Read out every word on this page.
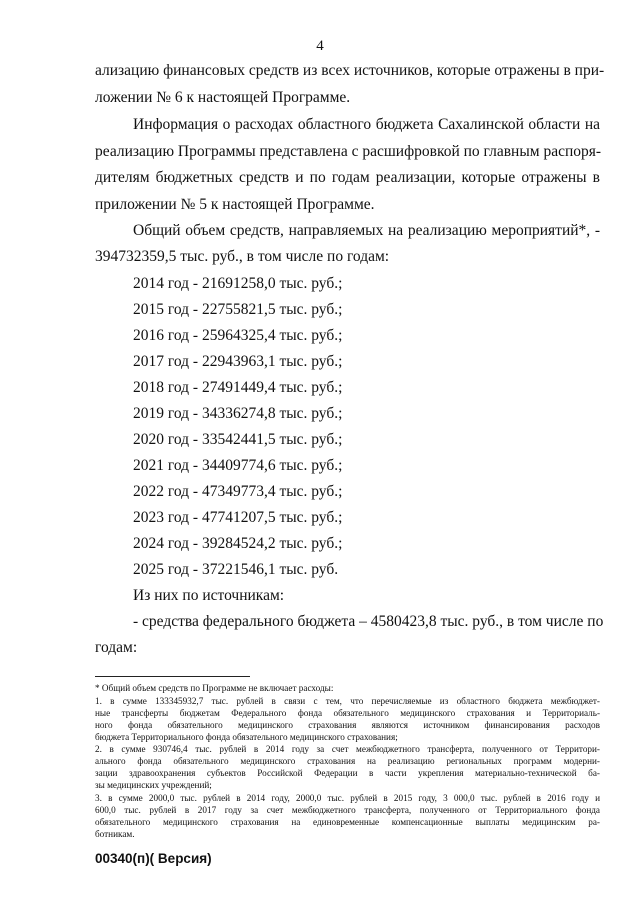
4
ализацию финансовых средств из всех источников, которые отражены в при-
ложении № 6 к настоящей Программе.
Информация о расходах областного бюджета Сахалинской области на
реализацию Программы представлена с расшифровкой по главным распоря-
дителям бюджетных средств и по годам реализации, которые отражены в
приложении № 5 к настоящей Программе.
Общий объем средств, направляемых на реализацию мероприятий*, -
394732359,5 тыс. руб., в том числе по годам:
2014 год - 21691258,0 тыс. руб.;
2015 год - 22755821,5 тыс. руб.;
2016 год - 25964325,4 тыс. руб.;
2017 год - 22943963,1 тыс. руб.;
2018 год - 27491449,4 тыс. руб.;
2019 год - 34336274,8 тыс. руб.;
2020 год - 33542441,5 тыс. руб.;
2021 год - 34409774,6 тыс. руб.;
2022 год - 47349773,4 тыс. руб.;
2023 год - 47741207,5 тыс. руб.;
2024 год - 39284524,2 тыс. руб.;
2025 год - 37221546,1 тыс. руб.
Из них по источникам:
- средства федерального бюджета – 4580423,8 тыс. руб., в том числе по
годам:
* Общий объем средств по Программе не включает расходы:
1. в сумме 133345932,7 тыс. рублей в связи с тем, что перечисляемые из областного бюджета межбюджет-
ные трансферты бюджетам Федерального фонда обязательного медицинского страхования и Территориаль-
ного фонда обязательного медицинского страхования являются источником финансирования расходов
бюджета Территориального фонда обязательного медицинского страхования;
2. в сумме 930746,4 тыс. рублей в 2014 году за счет межбюджетного трансферта, полученного от Территори-
ального фонда обязательного медицинского страхования на реализацию региональных программ модерни-
зации здравоохранения субъектов Российской Федерации в части укрепления материально-технической ба-
зы медицинских учреждений;
3. в сумме 2000,0 тыс. рублей в 2014 году, 2000,0 тыс. рублей в 2015 году, 3 000,0 тыс. рублей в 2016 году и
600,0 тыс. рублей в 2017 году за счет межбюджетного трансферта, полученного от Территориального фонда
обязательного медицинского страхования на единовременные компенсационные выплаты медицинским ра-
ботникам.
00340(п)( Версия)
